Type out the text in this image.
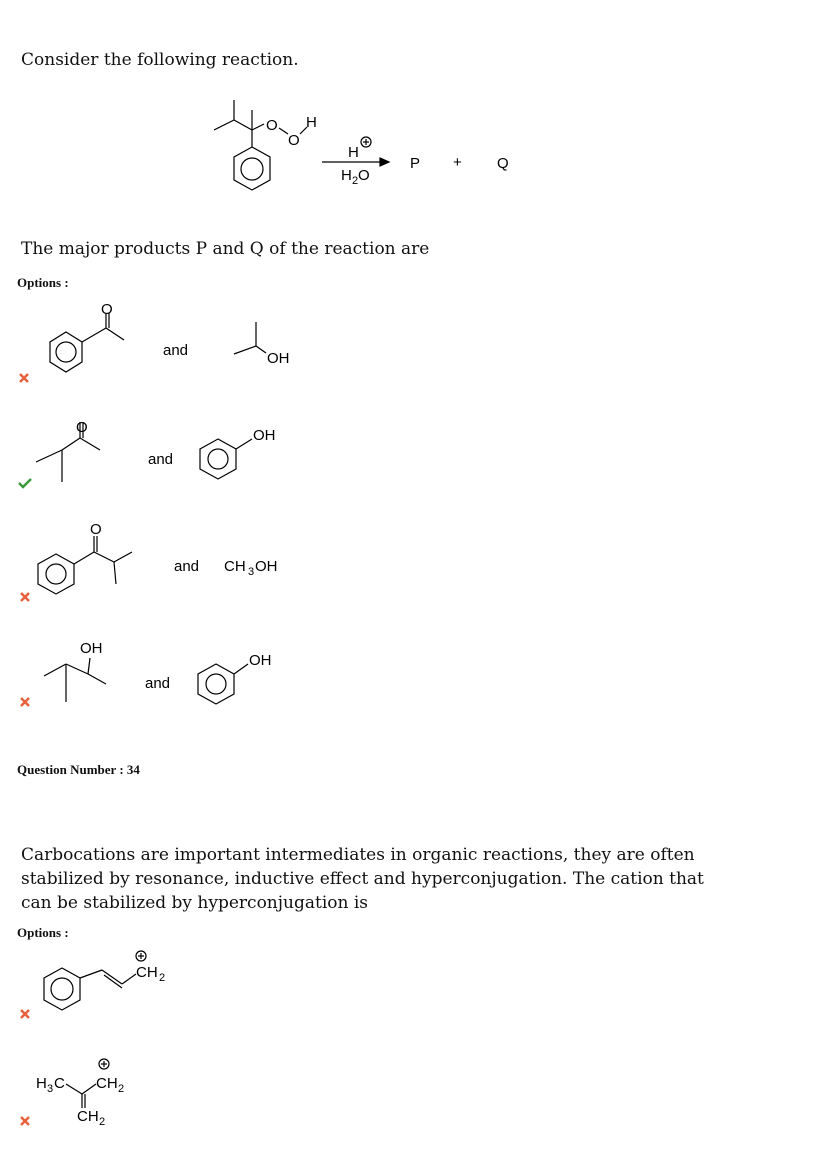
Consider the following reaction.
O
O
H
H
H 2 O
P + Q
The major products P and Q of the reaction are
Options :
O
and	OH
O
and
OH
O
and CH 3 OH
OH
and
OH
Question Number : 34
Carbocations are important intermediates in organic reactions, they are often
stabilized by resonance, inductive effect and hyperconjugation. The cation that
can be stabilized by hyperconjugation is
Options :
CH 2
H 3 C CH 2
CH 2
